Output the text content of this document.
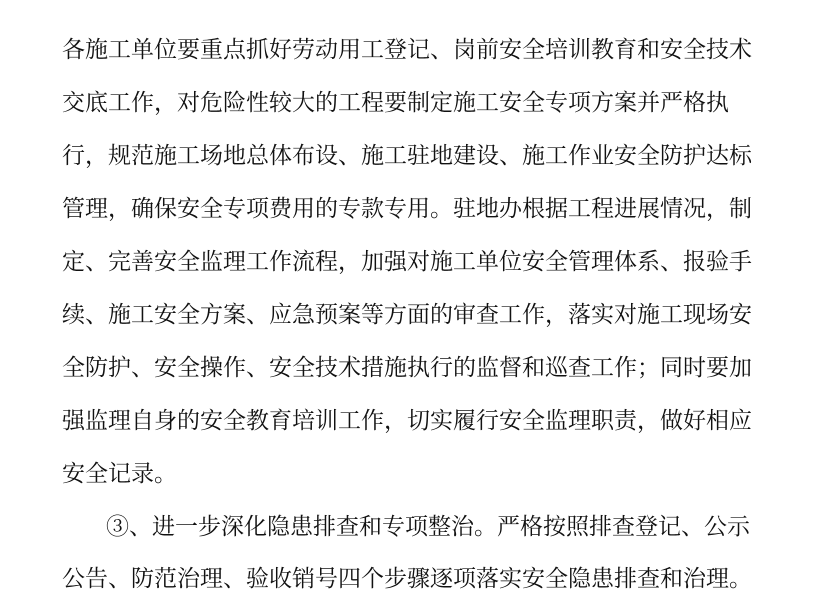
各施工单位要重点抓好劳动用工登记、岗前安全培训教育和安全技术
交底工作，对危险性较大的工程要制定施工安全专项方案并严格执
行，规范施工场地总体布设、施工驻地建设、施工作业安全防护达标
管理，确保安全专项费用的专款专用。驻地办根据工程进展情况，制
定、完善安全监理工作流程，加强对施工单位安全管理体系、报验手
续、施工安全方案、应急预案等方面的审查工作，落实对施工现场安
全防护、安全操作、安全技术措施执行的监督和巡查工作；同时要加
强监理自身的安全教育培训工作，切实履行安全监理职责，做好相应
安全记录。
③、进一步深化隐患排查和专项整治。严格按照排查登记、公示
公告、防范治理、验收销号四个步骤逐项落实安全隐患排查和治理。
